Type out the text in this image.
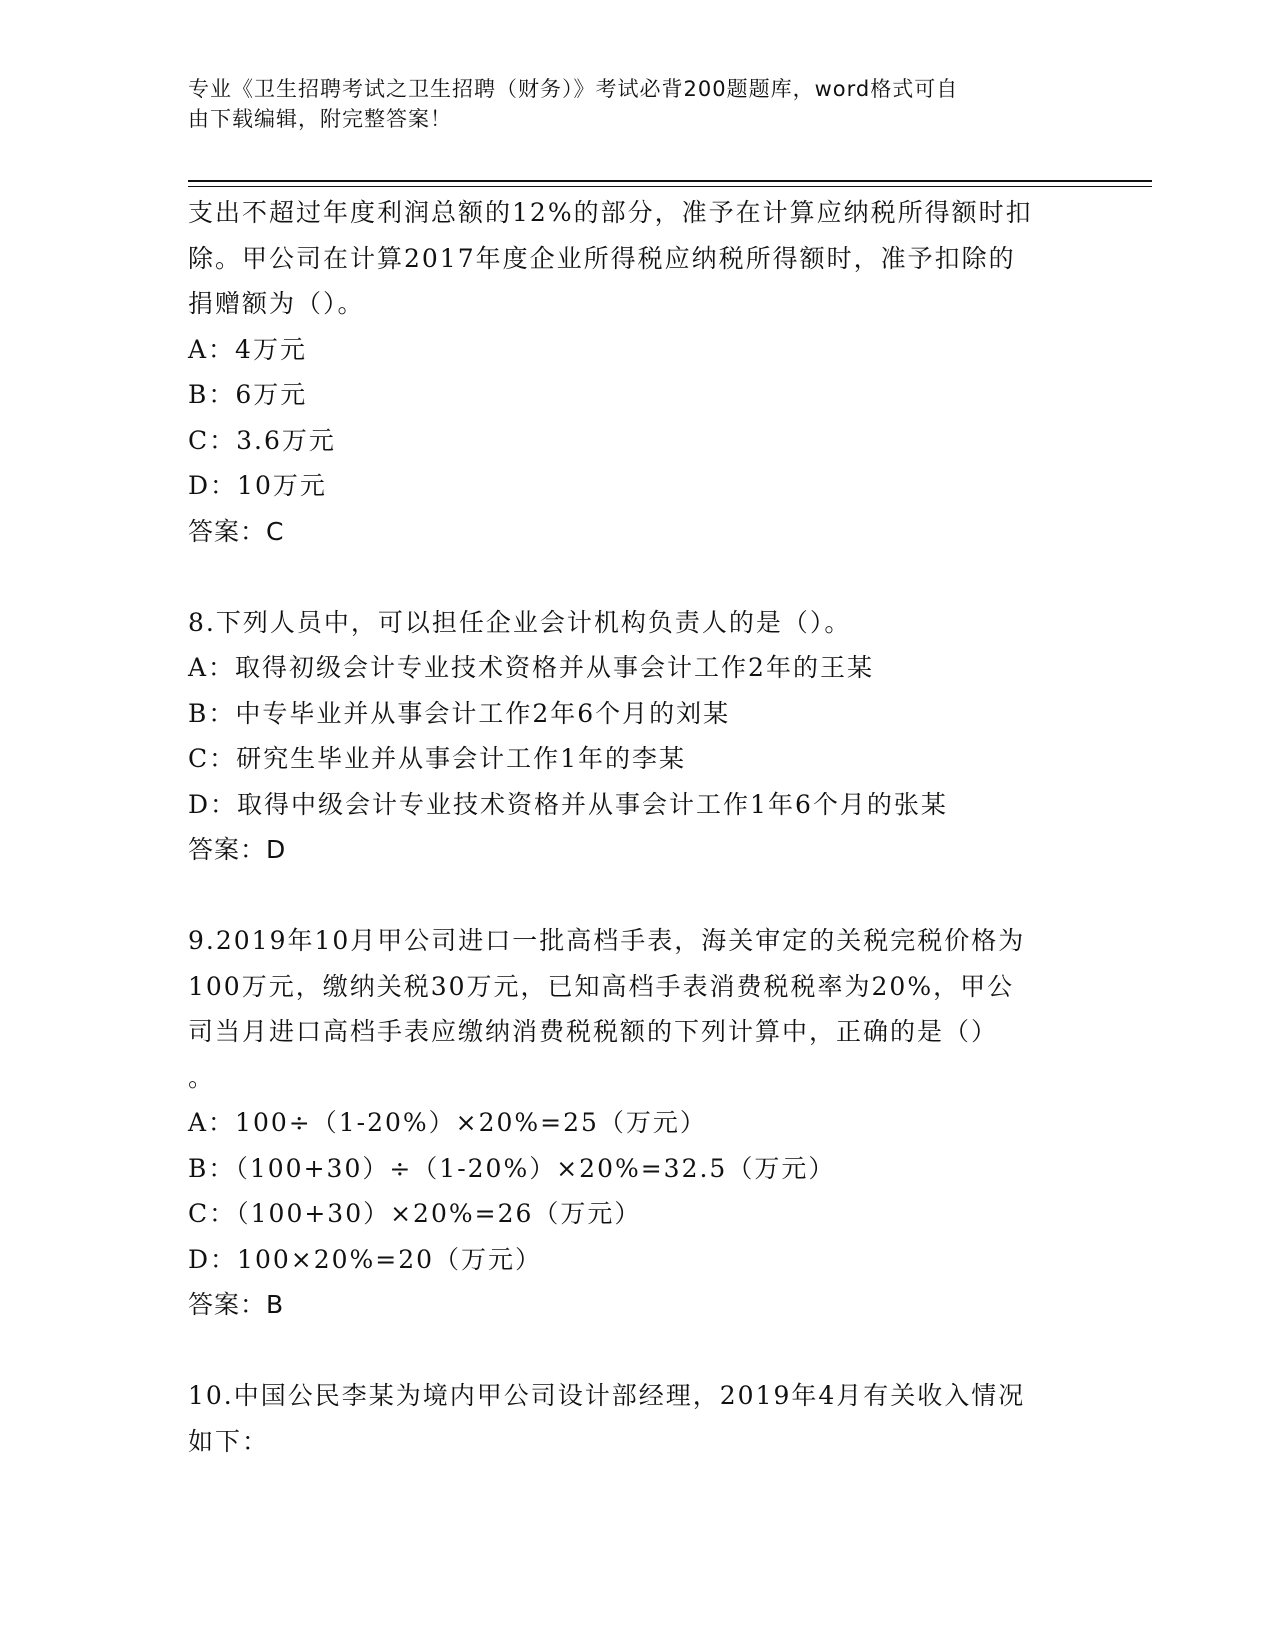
专业《卫生招聘考试之卫生招聘（财务）》考试必背200题题库，word格式可自
由下载编辑，附完整答案！
支出不超过年度利润总额的12%的部分，准予在计算应纳税所得额时扣
除。甲公司在计算2017年度企业所得税应纳税所得额时，准予扣除的
捐赠额为（）。
A：4万元
B：6万元
C：3.6万元
D：10万元
答案：C
8.下列人员中，可以担任企业会计机构负责人的是（）。
A：取得初级会计专业技术资格并从事会计工作2年的王某
B：中专毕业并从事会计工作2年6个月的刘某
C：研究生毕业并从事会计工作1年的李某
D：取得中级会计专业技术资格并从事会计工作1年6个月的张某
答案：D
9.2019年10月甲公司进口一批高档手表，海关审定的关税完税价格为
100万元，缴纳关税30万元，已知高档手表消费税税率为20%，甲公
司当月进口高档手表应缴纳消费税税额的下列计算中，正确的是（）
。
A：100÷（1-20%）×20%=25（万元）
B：（100+30）÷（1-20%）×20%=32.5（万元）
C：（100+30）×20%=26（万元）
D：100×20%=20（万元）
答案：B
10.中国公民李某为境内甲公司设计部经理，2019年4月有关收入情况
如下：
